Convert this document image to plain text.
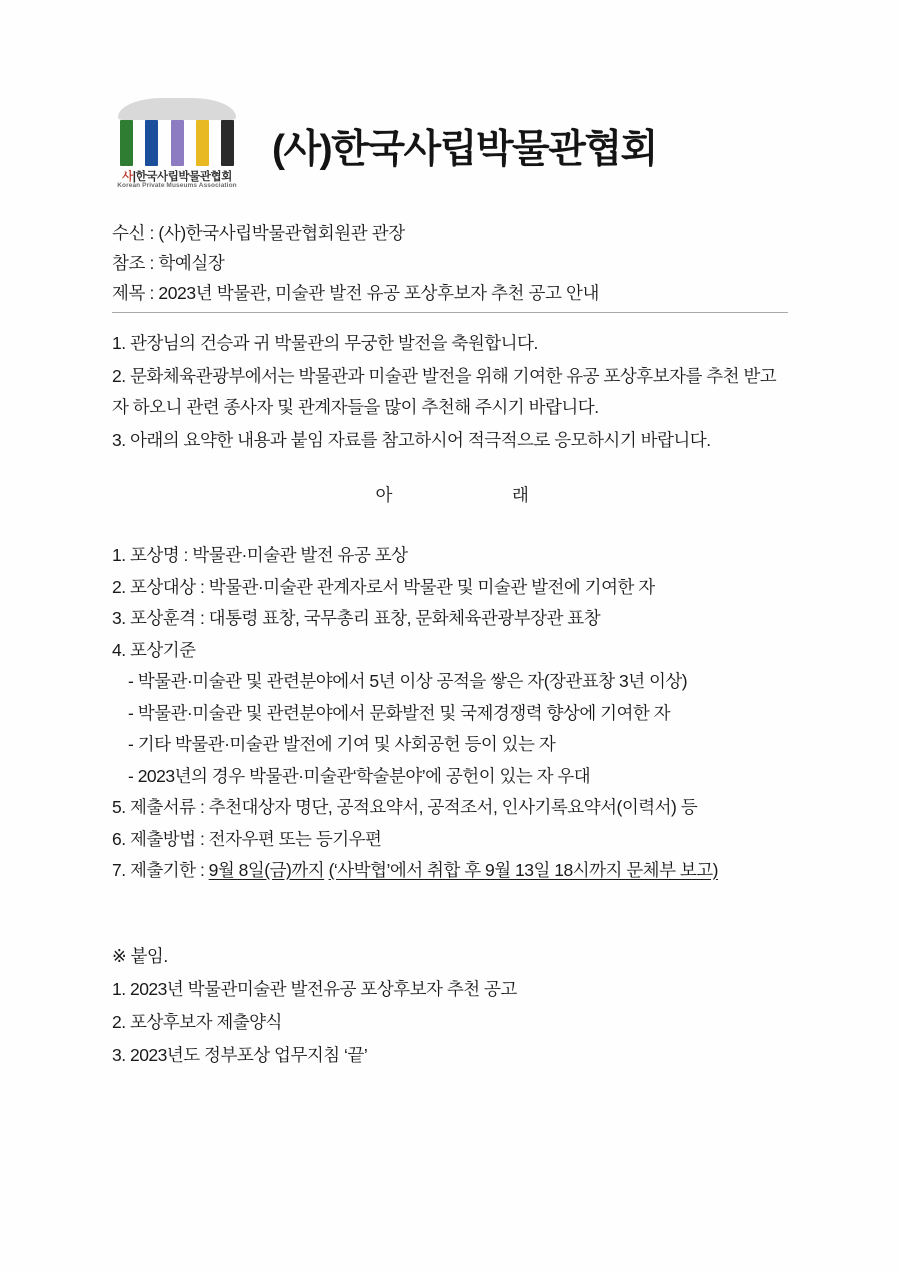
사|한국사립박물관협회
Korean Private Museums Association
(사)한국사립박물관협회
수신 : (사)한국사립박물관협회원관 관장
참조 : 학예실장
제목 : 2023년 박물관, 미술관 발전 유공 포상후보자 추천 공고 안내

1. 관장님의 건승과 귀 박물관의 무궁한 발전을 축원합니다.

2. 문화체육관광부에서는 박물관과 미술관 발전을 위해 기여한 유공 포상후보자를 추천 받고자 하오니 관련 종사자 및 관계자들을 많이 추천해 주시기 바랍니다.

3. 아래의 요약한 내용과 붙임 자료를 참고하시어 적극적으로 응모하시기 바랍니다.

아	래
1. 포상명 : 박물관·미술관 발전 유공 포상
2. 포상대상 : 박물관·미술관 관계자로서 박물관 및 미술관 발전에 기여한 자
3. 포상훈격 : 대통령 표창, 국무총리 표창, 문화체육관광부장관 표창
4. 포상기준
- 박물관·미술관 및 관련분야에서 5년 이상 공적을 쌓은 자(장관표창 3년 이상)
- 박물관·미술관 및 관련분야에서 문화발전 및 국제경쟁력 향상에 기여한 자
- 기타 박물관·미술관 발전에 기여 및 사회공헌 등이 있는 자
- 2023년의 경우 박물관·미술관‘학술분야’에 공헌이 있는 자 우대
5. 제출서류 : 추천대상자 명단, 공적요약서, 공적조서, 인사기록요약서(이력서) 등
6. 제출방법 : 전자우편 또는 등기우편
7. 제출기한 : 9월 8일(금)까지 (‘사박협’에서 취합 후 9월 13일 18시까지 문체부 보고)
※ 붙임.
1. 2023년 박물관미술관 발전유공 포상후보자 추천 공고
2. 포상후보자 제출양식
3. 2023년도 정부포상 업무지침 ‘끝’
